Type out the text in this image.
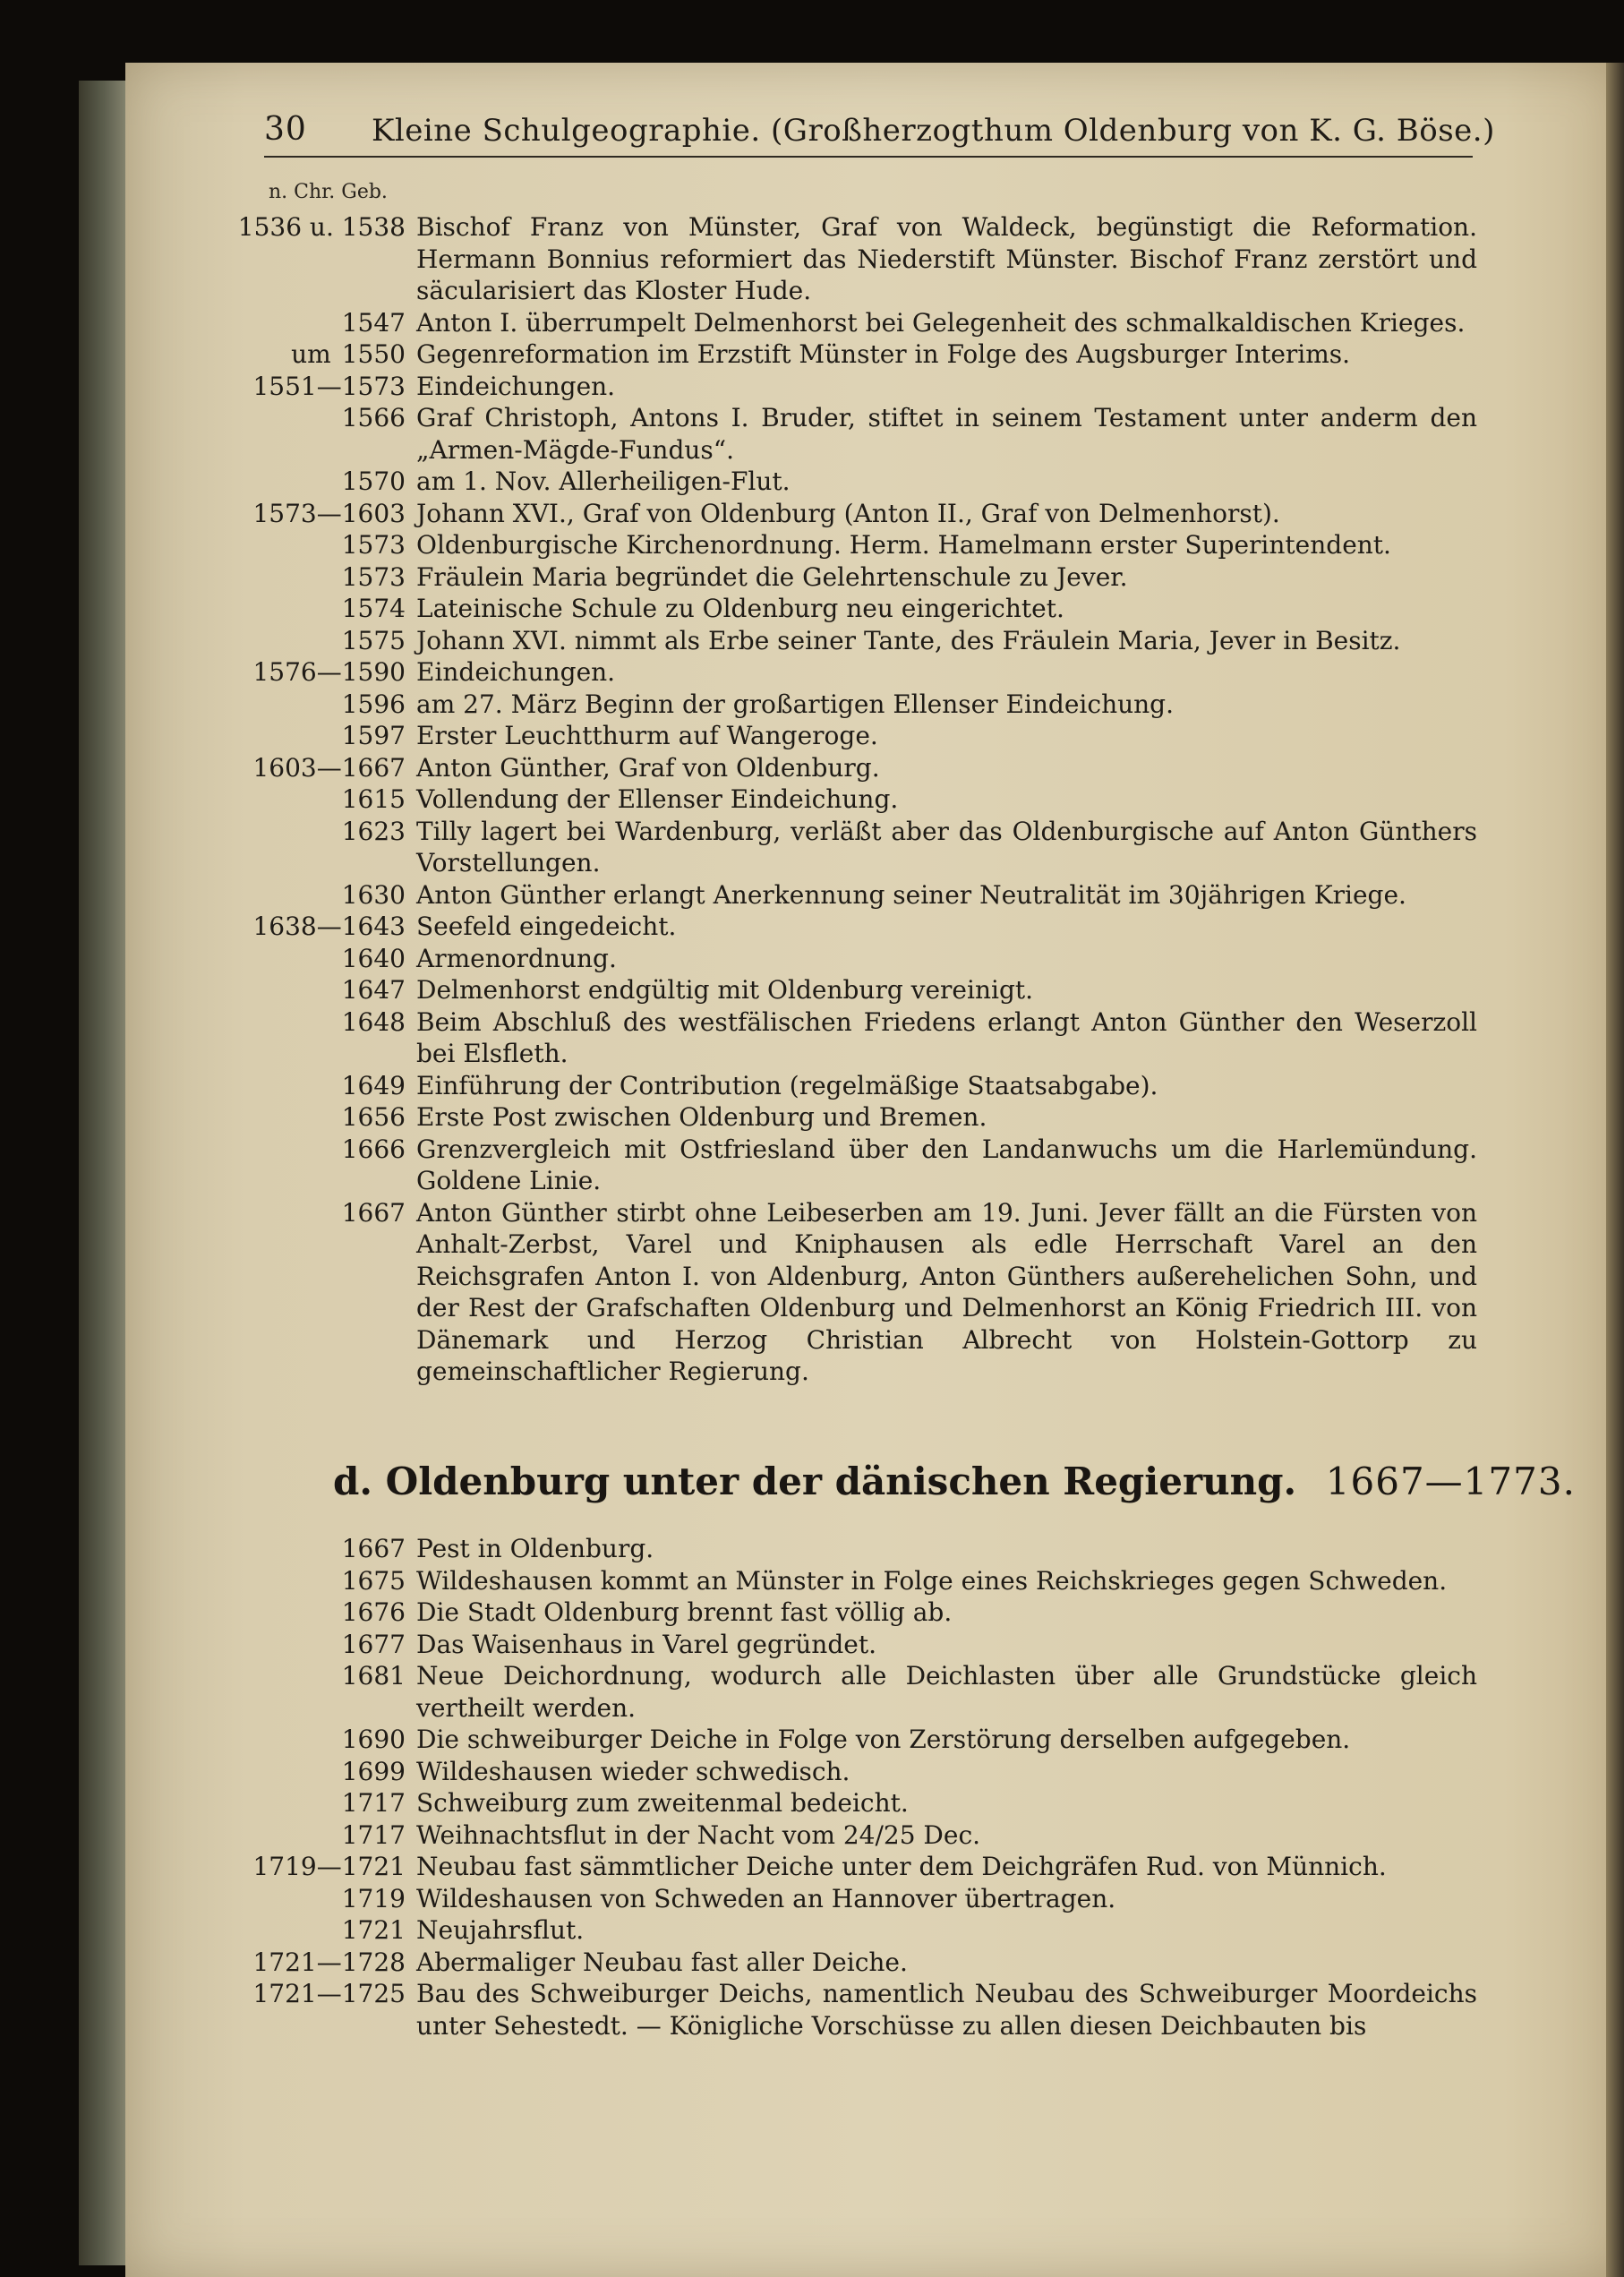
30 Kleine Schulgeographie. (Großherzogthum Oldenburg von K. G. Böse.)
n. Chr. Geb.
1536 u. 1538 Bischof Franz von Münster, Graf von Waldeck, begünstigt die Reformation. Hermann Bonnius reformiert das Niederstift Münster. Bischof Franz zerstört und säcularisiert das Kloster Hude.
1547 Anton I. überrumpelt Delmenhorst bei Gelegenheit des schmalkaldischen Krieges.
um 1550 Gegenreformation im Erzstift Münster in Folge des Augsburger Interims.
1551—1573 Eindeichungen.
1566 Graf Christoph, Antons I. Bruder, stiftet in seinem Testament unter anderm den „Armen-Mägde-Fundus“.
1570 am 1. Nov. Allerheiligen-Flut.
1573—1603 Johann XVI., Graf von Oldenburg (Anton II., Graf von Delmenhorst).
1573 Oldenburgische Kirchenordnung. Herm. Hamelmann erster Superintendent.
1573 Fräulein Maria begründet die Gelehrtenschule zu Jever.
1574 Lateinische Schule zu Oldenburg neu eingerichtet.
1575 Johann XVI. nimmt als Erbe seiner Tante, des Fräulein Maria, Jever in Besitz.
1576—1590 Eindeichungen.
1596 am 27. März Beginn der großartigen Ellenser Eindeichung.
1597 Erster Leuchtthurm auf Wangeroge.
1603—1667 Anton Günther, Graf von Oldenburg.
1615 Vollendung der Ellenser Eindeichung.
1623 Tilly lagert bei Wardenburg, verläßt aber das Oldenburgische auf Anton Günthers Vorstellungen.
1630 Anton Günther erlangt Anerkennung seiner Neutralität im 30jährigen Kriege.
1638—1643 Seefeld eingedeicht.
1640 Armenordnung.
1647 Delmenhorst endgültig mit Oldenburg vereinigt.
1648 Beim Abschluß des westfälischen Friedens erlangt Anton Günther den Weserzoll bei Elsfleth.
1649 Einführung der Contribution (regelmäßige Staatsabgabe).
1656 Erste Post zwischen Oldenburg und Bremen.
1666 Grenzvergleich mit Ostfriesland über den Landanwuchs um die Harlemündung. Goldene Linie.
1667 Anton Günther stirbt ohne Leibeserben am 19. Juni. Jever fällt an die Fürsten von Anhalt-Zerbst, Varel und Kniphausen als edle Herrschaft Varel an den Reichsgrafen Anton I. von Aldenburg, Anton Günthers außerehelichen Sohn, und der Rest der Grafschaften Oldenburg und Delmenhorst an König Friedrich III. von Dänemark und Herzog Christian Albrecht von Holstein-Gottorp zu gemeinschaftlicher Regierung.
d. Oldenburg unter der dänischen Regierung. 1667—1773.
1667 Pest in Oldenburg.
1675 Wildeshausen kommt an Münster in Folge eines Reichskrieges gegen Schweden.
1676 Die Stadt Oldenburg brennt fast völlig ab.
1677 Das Waisenhaus in Varel gegründet.
1681 Neue Deichordnung, wodurch alle Deichlasten über alle Grundstücke gleich vertheilt werden.
1690 Die schweiburger Deiche in Folge von Zerstörung derselben aufgegeben.
1699 Wildeshausen wieder schwedisch.
1717 Schweiburg zum zweitenmal bedeicht.
1717 Weihnachtsflut in der Nacht vom 24/25 Dec.
1719—1721 Neubau fast sämmtlicher Deiche unter dem Deichgräfen Rud. von Münnich.
1719 Wildeshausen von Schweden an Hannover übertragen.
1721 Neujahrsflut.
1721—1728 Abermaliger Neubau fast aller Deiche.
1721—1725 Bau des Schweiburger Deichs, namentlich Neubau des Schweiburger Moordeichs unter Sehestedt. — Königliche Vorschüsse zu allen diesen Deichbauten bis
